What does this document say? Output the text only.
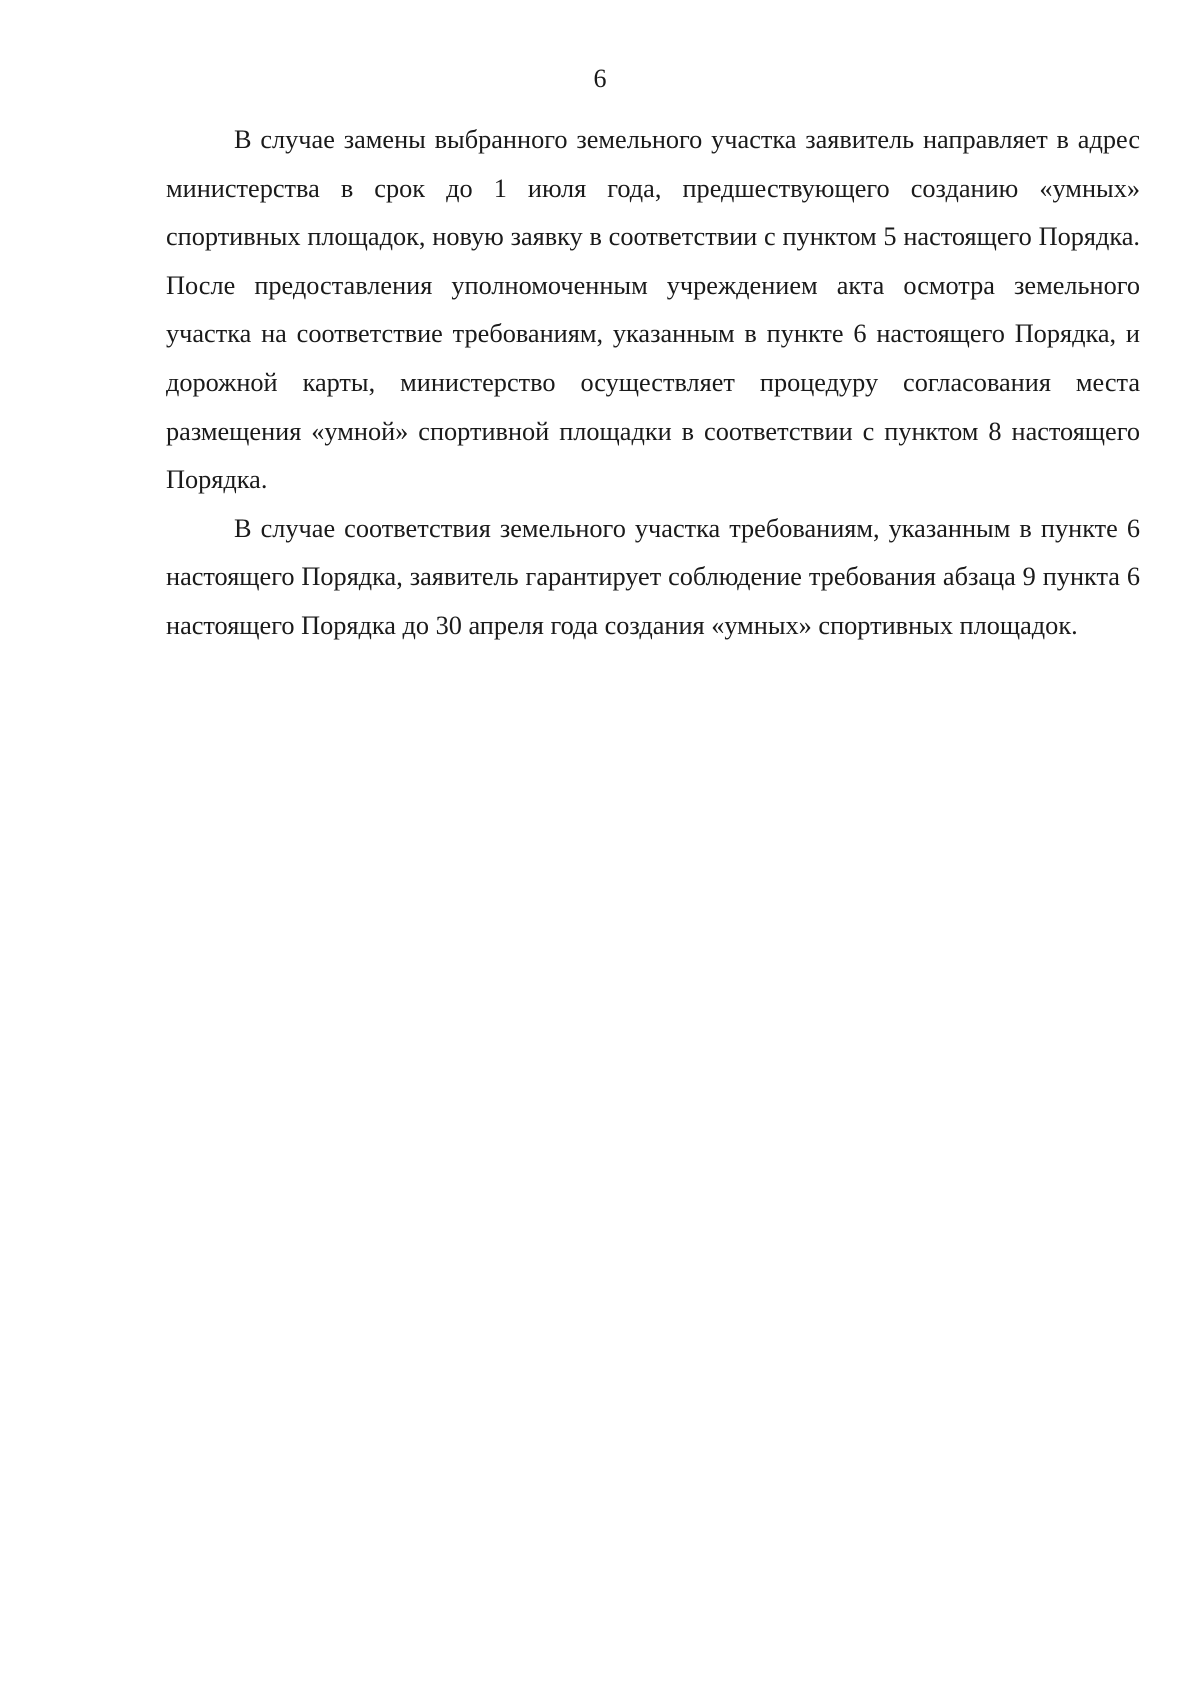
6

В случае замены выбранного земельного участка заявитель направляет в адрес министерства в срок до 1 июля года, предшествующего созданию «умных» спортивных площадок, новую заявку в соответствии с пунктом 5 настоящего Порядка. После предоставления уполномоченным учреждением акта осмотра земельного участка на соответствие требованиям, указанным в пункте 6 настоящего Порядка, и дорожной карты, министерство осуществляет процедуру согласования места размещения «умной» спортивной площадки в соответствии с пунктом 8 настоящего Порядка.

В случае соответствия земельного участка требованиям, указанным в пункте 6 настоящего Порядка, заявитель гарантирует соблюдение требования абзаца 9 пункта 6 настоящего Порядка до 30 апреля года создания «умных» спортивных площадок.
